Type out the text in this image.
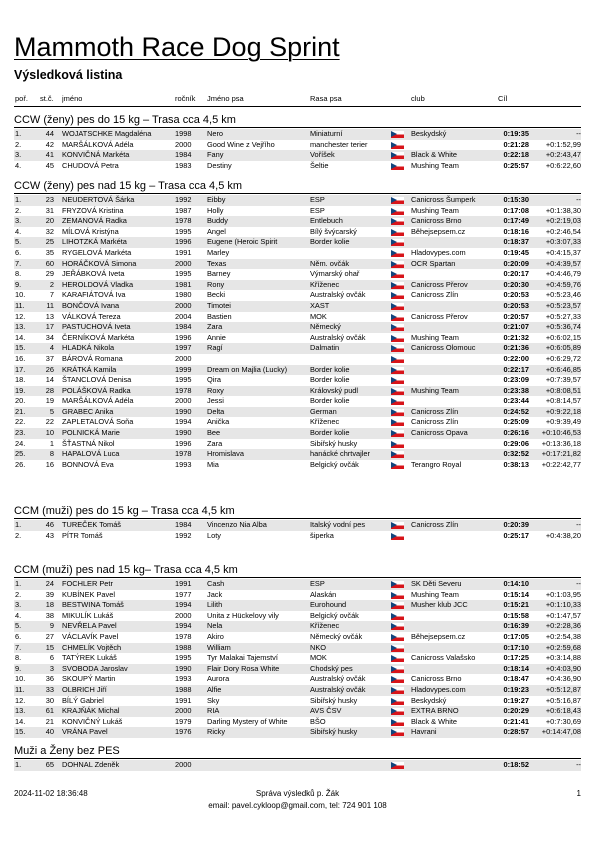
Mammoth Race Dog Sprint
Výsledková listina
poř.	st.č. jméno	ročník	Jméno psa	Rasa psa	club	Cíl
CCW (ženy) pes do 15 kg – Trasa cca 4,5 km
1.	44 WOJATSCHKE Magdaléna	1998	Nero	Miniaturní	Beskydský	0:19:35	--
2.	42 MARŠÁLKOVÁ Adéla	2000	Good Wine z Vejřího	manchester terier	0:21:28	+0:1:52,99
3.	41 KONVIČNÁ Markéta	1984	Fany	Voříšek	Black & White	0:22:18	+0:2:43,47
4.	45 CHUDOVÁ Petra	1983	Destiny	Šeltie	Mushing Team	0:25:57	+0:6:22,60
CCW (ženy) pes nad 15 kg – Trasa cca 4,5 km
1.	23 NEUDERTOVÁ Šárka	1992	Eibby	ESP	Canicross Šumperk	0:15:30	--
2.	31 FRYZOVÁ Kristina	1987	Holly	ESP	Mushing Team	0:17:08	+0:1:38,30
3.	20 ZEMANOVÁ Radka	1978	Buddy	Entlebuch	Canicross Brno	0:17:49	+0:2:19,03
4.	32 MÍLOVÁ Kristýna	1995	Angel	Bílý švýcarský	Běhejsepsem.cz	0:18:16	+0:2:46,54
5.	25 LIHOTZKÁ Markéta	1996	Eugene (Heroic Spirit	Border kolie	0:18:37	+0:3:07,33
6.	35 RYGELOVÁ Markéta	1991	Marley	Hladovypes.com	0:19:45	+0:4:15,37
7.	60 HORÁČKOVÁ Simona	2000	Texas	Něm. ovčák	OCR Spartan	0:20:09	+0:4:39,57
8.	29 JEŘÁBKOVÁ Iveta	1995	Barney	Výmarský ohař	0:20:17	+0:4:46,79
9.	2 HEROLDOVÁ Vladka	1981	Rony	Kříženec	Canicross Přerov	0:20:30	+0:4:59,76
10.	7 KARAFIÁTOVÁ Iva	1980	Becki	Australský ovčák	Canicross Zlín	0:20:53	+0:5:23,46
11.	11 BONČOVÁ Ivana	2000	Timotei	XAST	0:20:53	+0:5:23,57
12.	13 VÁLKOVÁ Tereza	2004	Bastien	MOK	Canicross Přerov	0:20:57	+0:5:27,33
13.	17 PASTUCHOVÁ Iveta	1984	Zara	Německý	0:21:07	+0:5:36,74
14.	34 ČERNÍKOVÁ Markéta	1996	Annie	Australský ovčák	Mushing Team	0:21:32	+0:6:02,15
15.	4 HLADKÁ Nikola	1997	Ragí	Dalmatin	Canicross Olomouc	0:21:36	+0:6:05,89
16.	37 BÁROVÁ Romana	2000	0:22:00	+0:6:29,72
17.	26 KRÁTKÁ Kamila	1999	Dream on Majlia (Lucky)	Border kolie	0:22:17	+0:6:46,85
18.	14 ŠTANCLOVÁ Denisa	1995	Qira	Border kolie	0:23:09	+0:7:39,57
19.	28 POLÁŠKOVÁ Radka	1978	Roxy	Královský pudl	Mushing Team	0:23:38	+0:8:08,51
20.	19 MARŠÁLKOVÁ Adéla	2000	Jessi	Border kolie	0:23:44	+0:8:14,57
21.	5 GRABEC Anika	1990	Delta	German	Canicross Zlín	0:24:52	+0:9:22,18
22.	22 ZAPLETALOVÁ Soňa	1994	Anička	Kříženec	Canicross Zlín	0:25:09	+0:9:39,49
23.	10 POLNICKÁ Marie	1990	Bee	Border kolie	Canicross Opava	0:26:16	+0:10:46,53
24.	1 ŠŤASTNÁ Nikol	1996	Zara	Sibiřský husky	0:29:06	+0:13:36,18
25.	8 HAPALOVÁ Luca	1978	Hromislava	hanácké chrtvajler	0:32:52	+0:17:21,82
26.	16 BONNOVÁ Eva	1993	Mia	Belgický ovčák	Terangro Royal	0:38:13	+0:22:42,77
CCM (muži) pes do 15 kg – Trasa cca 4,5 km
1.	46 TUREČEK Tomáš	1984	Vincenzo Nia Alba	Italský vodní pes	Canicross Zlín	0:20:39	--
2.	43 PÍTR Tomáš	1992	Loty	šiperka	0:25:17	+0:4:38,20
CCM (muži) pes nad 15 kg– Trasa cca 4,5 km
1.	24 FOCHLER Petr	1991	Cash	ESP	SK Děti Severu	0:14:10	--
2.	39 KUBÍNEK Pavel	1977	Jack	Alaskán	Mushing Team	0:15:14	+0:1:03,95
3.	18 BESTWINA Tomáš	1994	Lilith	Eurohound	Musher klub JCC	0:15:21	+0:1:10,33
4.	38 MIKULÍK Lukáš	2000	Unita z Hückelovy vily	Belgický ovčák	0:15:58	+0:1:47,57
5.	9 NEVŘELA Pavel	1994	Nela	Kříženec	0:16:39	+0:2:28,36
6.	27 VÁCLAVÍK Pavel	1978	Akiro	Německý ovčák	Běhejsepsem.cz	0:17:05	+0:2:54,38
7.	15 CHMELÍK Vojtěch	1988	William	NKO	0:17:10	+0:2:59,68
8.	6 TATÝREK Lukáš	1995	Tyr Malakai Tajemství	MOK	Canicross Valašsko	0:17:25	+0:3:14,88
9.	3 SVOBODA Jaroslav	1990	Flair Dory Rosa White	Chodský pes	0:18:14	+0:4:03,90
10.	36 SKOUPÝ Martin	1993	Aurora	Australský ovčák	Canicross Brno	0:18:47	+0:4:36,90
11.	33 OLBRICH Jiří	1988	Alfie	Australský ovčák	Hladovypes.com	0:19:23	+0:5:12,87
12.	30 BÍLÝ Gabriel	1991	Sky	Sibiřský husky	Beskydský	0:19:27	+0:5:16,87
13.	61 KRAJŇÁK Michal	2000	RIA	AVS ČSV	EXTRA BRNO	0:20:29	+0:6:18,43
14.	21 KONVIČNÝ Lukáš	1979	Darling Mystery of White	BŠO	Black & White	0:21:41	+0:7:30,69
15.	40 VRÁNA Pavel	1976	Ricky	Sibiřský husky	Havrani	0:28:57	+0:14:47,08
Muži a Ženy bez PES
1.	65 DOHNAL Zdeněk	2000	0:18:52	--
2024-11-02 18:36:48	Správa výsledků p. Žák	1
email: pavel.cykloop@gmail.com, tel: 724 901 108
